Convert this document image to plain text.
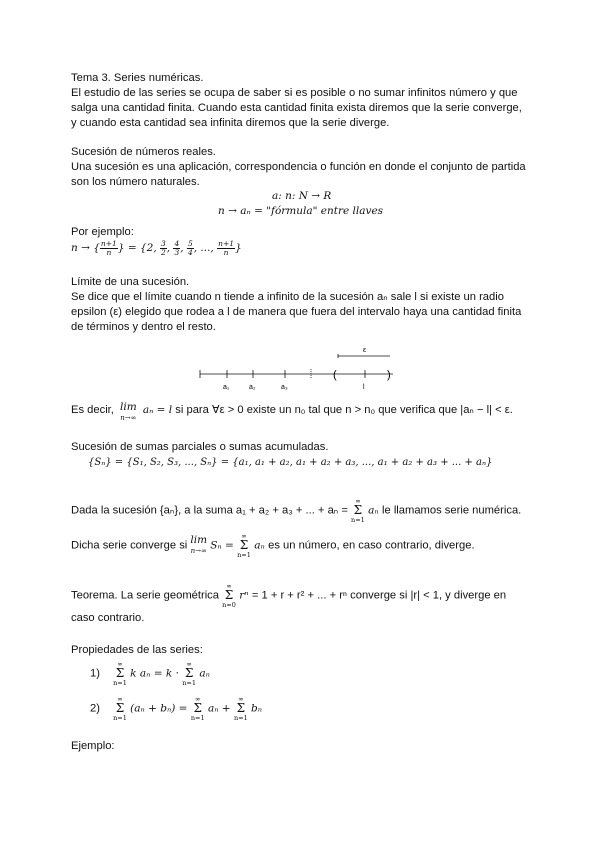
Tema 3. Series numéricas.
El estudio de las series se ocupa de saber si es posible o no sumar infinitos número y que
salga una cantidad finita. Cuando esta cantidad finita exista diremos que la serie converge,
y cuando esta cantidad sea infinita diremos que la serie diverge.
Sucesión de números reales.
Una sucesión es una aplicación, correspondencia o función en donde el conjunto de partida
son los número naturales.
a: n: N → R
n → aₙ = "fórmula" entre llaves
Por ejemplo:
n → { $\frac{n+1}{n}$ } = {2, $\frac{3}{2}$ , $\frac{4}{3}$ , $\frac{5}{4}$ , ..., $\frac{n+1}{n}$ }
Límite de una sucesión.
Se dice que el límite cuando n tiende a infinito de la sucesión aₙ sale l si existe un radio
epsilon (ε) elegido que rodea a l de manera que fuera del intervalo haya una cantidad finita
de términos y dentro el resto.
ε
(	)
a₁	a₂	a₃	l
Es decir, lim
n→∞ aₙ = l si para ∀ε > 0 existe un n₀ tal que n > n₀ que verifica que |aₙ − l| < ε.
Sucesión de sumas parciales o sumas acumuladas.
{Sₙ} = {S₁, S₂, S₃, ..., Sₙ} = {a₁, a₁ + a₂, a₁ + a₂ + a₃, ..., a₁ + a₂ + a₃ + ... + aₙ}
Dada la sucesión {aₙ}, a la suma a₁ + a₂ + a₃ + ... + aₙ =
∞
Σ
n=1
aₙ le llamamos serie numérica.
Dicha serie converge si lim
n→∞ Sₙ =
∞
Σ
n=1
aₙ es un número, en caso contrario, diverge.
Teorema. La serie geométrica
∞
Σ
n=0
rⁿ = 1 + r + r² + ... + rⁿ converge si |r| < 1, y diverge en
caso contrario.
Propiedades de las series:
1)
∞
Σ
n=1
k aₙ = k ·
∞
Σ
n=1
aₙ
2)
∞
Σ
n=1
(aₙ + bₙ) =
∞
Σ
n=1
aₙ +
∞
Σ
n=1
bₙ
Ejemplo:
